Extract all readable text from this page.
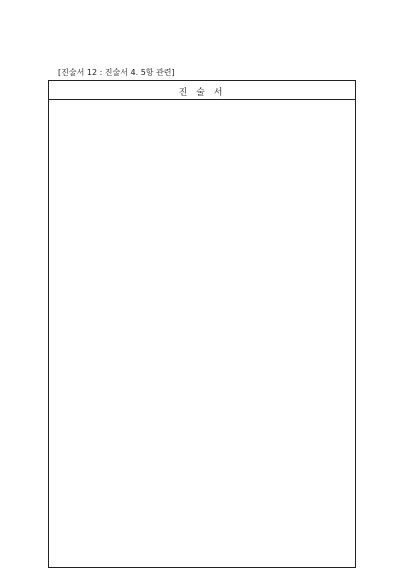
[진술서 12 : 진술서 4. 5항 관련]
진 술 서
